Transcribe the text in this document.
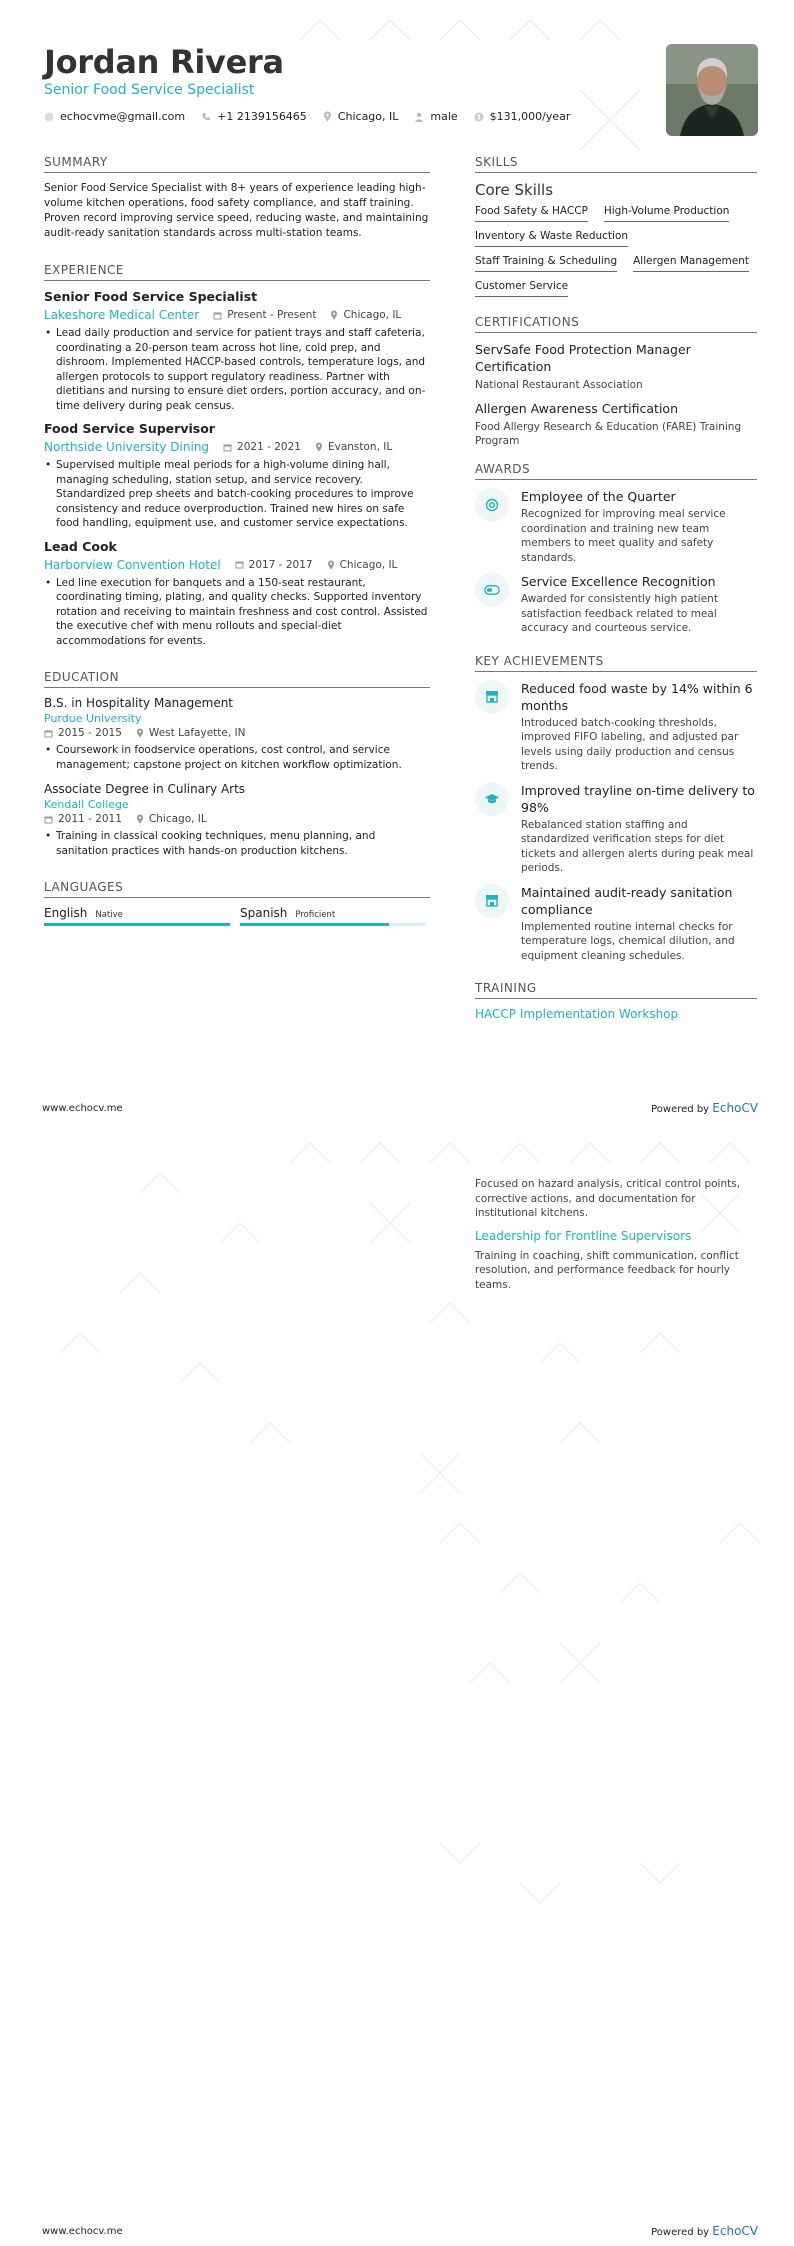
Jordan Rivera
Senior Food Service Specialist
echocvme@gmail.com	+1 2139156465	Chicago, IL	male	$131,000/year
SUMMARY

Senior Food Service Specialist with 8+ years of experience leading high-volume kitchen operations, food safety compliance, and staff training. Proven record improving service speed, reducing waste, and maintaining audit-ready sanitation standards across multi-station teams.

EXPERIENCE
Senior Food Service Specialist
Lakeshore Medical Center	Present - Present	Chicago, IL
• Lead daily production and service for patient trays and staff cafeteria, coordinating a 20-person team across hot line, cold prep, and dishroom. Implemented HACCP-based controls, temperature logs, and allergen protocols to support regulatory readiness. Partner with dietitians and nursing to ensure diet orders, portion accuracy, and on-time delivery during peak census.
Food Service Supervisor
Northside University Dining	2021 - 2021	Evanston, IL
• Supervised multiple meal periods for a high-volume dining hall, managing scheduling, station setup, and service recovery. Standardized prep sheets and batch-cooking procedures to improve consistency and reduce overproduction. Trained new hires on safe food handling, equipment use, and customer service expectations.
Lead Cook
Harborview Convention Hotel	2017 - 2017	Chicago, IL
• Led line execution for banquets and a 150-seat restaurant, coordinating timing, plating, and quality checks. Supported inventory rotation and receiving to maintain freshness and cost control. Assisted the executive chef with menu rollouts and special-diet accommodations for events.
EDUCATION
B.S. in Hospitality Management
Purdue University
2015 - 2015	West Lafayette, IN
• Coursework in foodservice operations, cost control, and service management; capstone project on kitchen workflow optimization.
Associate Degree in Culinary Arts
Kendall College
2011 - 2011	Chicago, IL
• Training in classical cooking techniques, menu planning, and sanitation practices with hands-on production kitchens.
LANGUAGES
English Native	Spanish Proficient
SKILLS
Core Skills
Food Safety & HACCP High-Volume Production
Inventory & Waste Reduction
Staff Training & Scheduling Allergen Management
Customer Service
CERTIFICATIONS
ServSafe Food Protection Manager Certification
National Restaurant Association
Allergen Awareness Certification
Food Allergy Research & Education (FARE) Training Program
AWARDS
Employee of the Quarter
Recognized for improving meal service coordination and training new team members to meet quality and safety standards.
Service Excellence Recognition
Awarded for consistently high patient satisfaction feedback related to meal accuracy and courteous service.
KEY ACHIEVEMENTS
Reduced food waste by 14% within 6 months
Introduced batch-cooking thresholds, improved FIFO labeling, and adjusted par levels using daily production and census trends.
Improved trayline on-time delivery to 98%
Rebalanced station staffing and standardized verification steps for diet tickets and allergen alerts during peak meal periods.
Maintained audit-ready sanitation compliance
Implemented routine internal checks for temperature logs, chemical dilution, and equipment cleaning schedules.
TRAINING
HACCP Implementation Workshop
www.echocv.me	Powered by EchoCV
Focused on hazard analysis, critical control points, corrective actions, and documentation for institutional kitchens.
Leadership for Frontline Supervisors
Training in coaching, shift communication, conflict resolution, and performance feedback for hourly teams.
www.echocv.me	Powered by EchoCV
